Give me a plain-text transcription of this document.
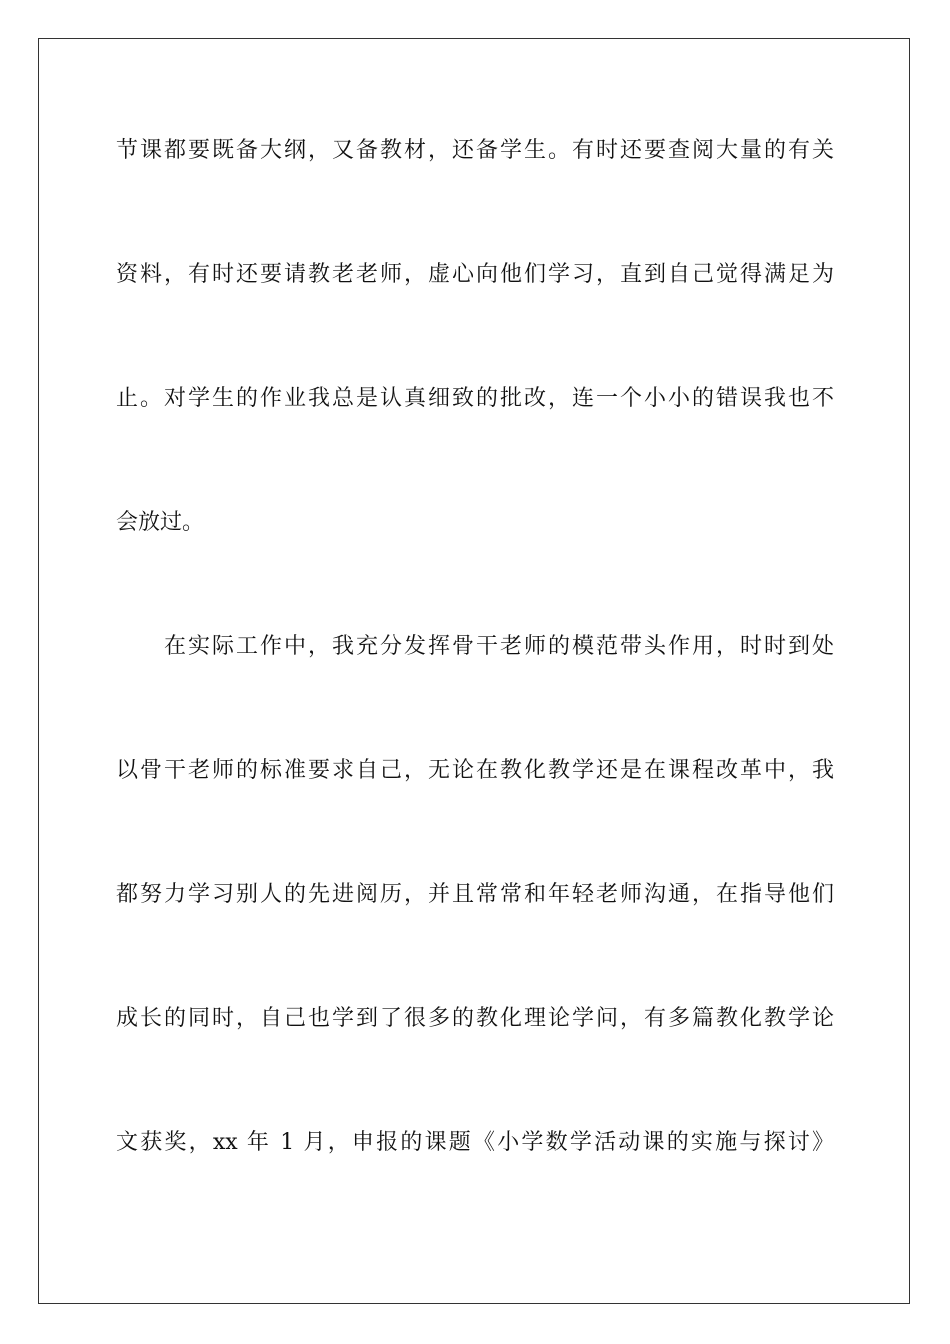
节课都要既备大纲，又备教材，还备学生。有时还要查阅大量的有关
资料，有时还要请教老老师，虚心向他们学习，直到自己觉得满足为
止。对学生的作业我总是认真细致的批改，连一个小小的错误我也不
会放过。
在实际工作中，我充分发挥骨干老师的模范带头作用，时时到处
以骨干老师的标准要求自己，无论在教化教学还是在课程改革中，我
都努力学习别人的先进阅历，并且常常和年轻老师沟通，在指导他们
成长的同时，自己也学到了很多的教化理论学问，有多篇教化教学论
文获奖，xx 年 1 月，申报的课题《小学数学活动课的实施与探讨》
